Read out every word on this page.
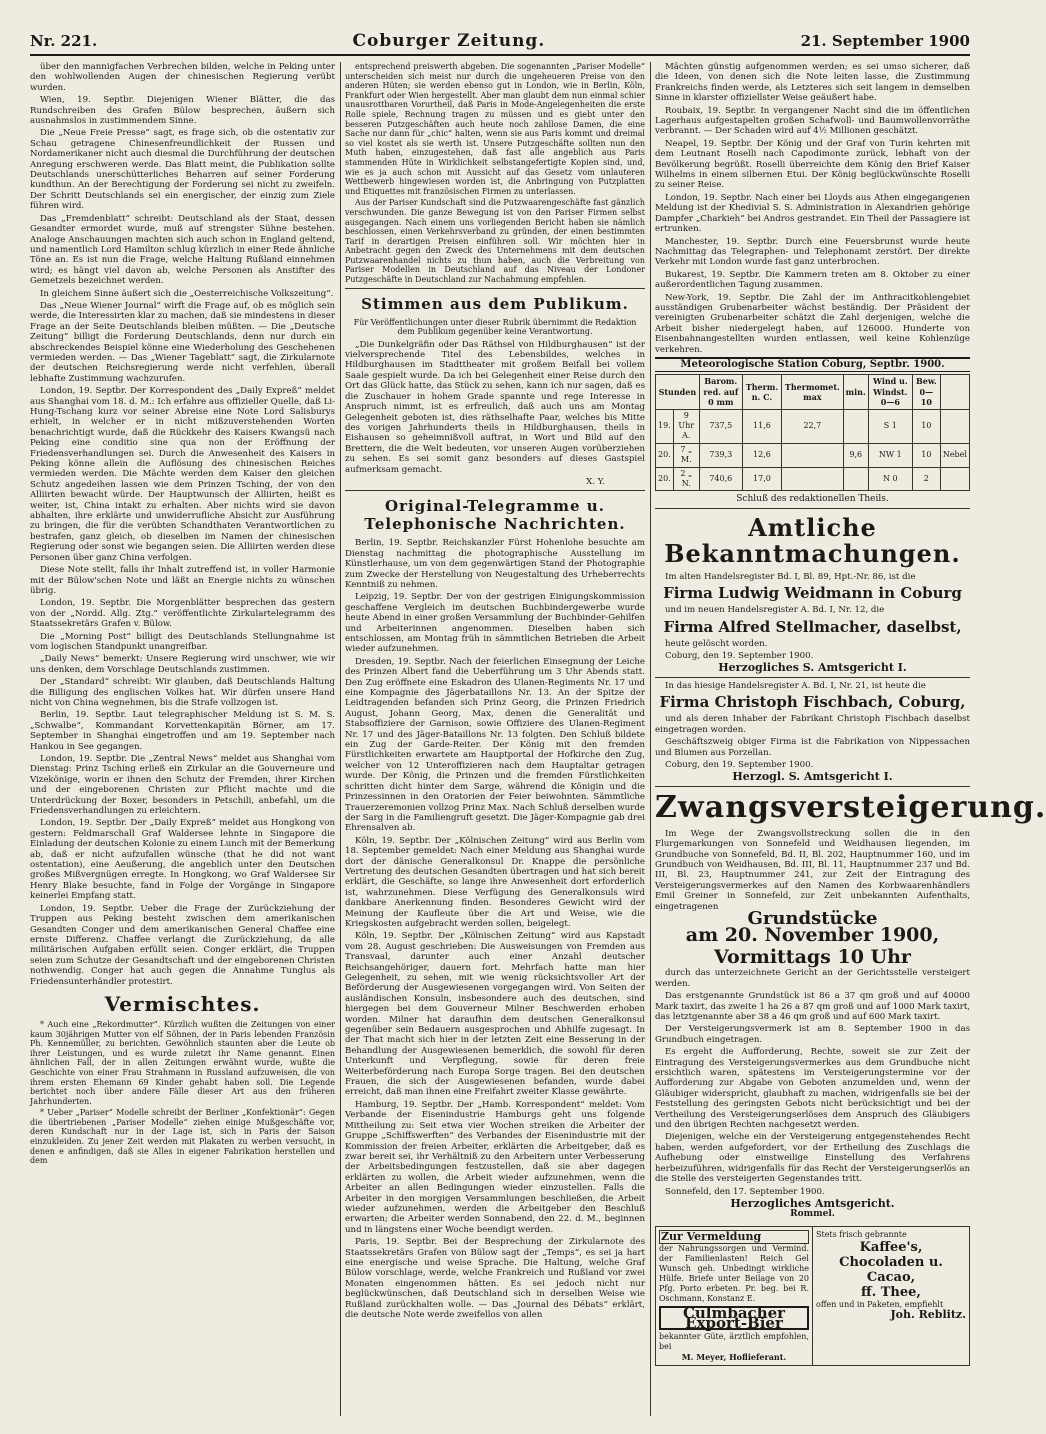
Nr. 221.	Coburger Zeitung.	21. September 1900

über den mannigfachen Verbrechen bilden, welche in Peking unter den wohlwollenden Augen der chinesischen Regierung verübt wurden.

Wien, 19. Septbr. Diejenigen Wiener Blätter, die das Rundschreiben des Grafen Bülow besprechen, äußern sich ausnahmslos in zustimmendem Sinne.

Die „Neue Freie Presse“ sagt, es frage sich, ob die ostentativ zur Schau getragene Chinesenfreundlichkeit der Russen und Nordamerikaner nicht auch diesmal die Durchführung der deutschen Anregung erschweren werde. Das Blatt meint, die Publikation sollte Deutschlands unerschütterliches Beharren auf seiner Forderung kundthun. An der Berechtigung der Forderung sei nicht zu zweifeln. Der Schritt Deutschlands sei ein energischer, der einzig zum Ziele führen wird.

Das „Fremdenblatt“ schreibt: Deutschland als der Staat, dessen Gesandter ermordet wurde, muß auf strengster Sühne bestehen. Analoge Anschauungen machten sich auch schon in England geltend, und namentlich Lord Hamilton schlug kürzlich in einer Rede ähnliche Töne an. Es ist nun die Frage, welche Haltung Rußland einnehmen wird; es hängt viel davon ab, welche Personen als Anstifter des Gemetzels bezeichnet werden.

In gleichem Sinne äußert sich die „Oesterreichische Volkszeitung“.

Das „Neue Wiener Journal“ wirft die Frage auf, ob es möglich sein werde, die Interessirten klar zu machen, daß sie mindestens in dieser Frage an der Seite Deutschlands bleiben müßten. — Die „Deutsche Zeitung“ billigt die Forderung Deutschlands, denn nur durch ein abschreckendes Beispiel könne eine Wiederholung des Geschehenen vermieden werden. — Das „Wiener Tageblatt“ sagt, die Zirkularnote der deutschen Reichsregierung werde nicht verfehlen, überall lebhafte Zustimmung wachzurufen.

London, 19. Septbr. Der Korrespondent des „Daily Expreß“ meldet aus Shanghai vom 18. d. M.: Ich erfahre aus offizieller Quelle, daß Li-Hung-Tschang kurz vor seiner Abreise eine Note Lord Salisburys erhielt, in welcher er in nicht mißzuverstehenden Worten benachrichtigt wurde, daß die Rückkehr des Kaisers Kwangsü nach Peking eine conditio sine qua non der Eröffnung der Friedensverhandlungen sei. Durch die Anwesenheit des Kaisers in Peking könne allein die Auflösung des chinesischen Reiches vermieden werden. Die Mächte werden dem Kaiser den gleichen Schutz angedeihen lassen wie dem Prinzen Tsching, der von den Alliirten bewacht würde. Der Hauptwunsch der Alliirten, heißt es weiter, ist, China intakt zu erhalten. Aber nichts wird sie davon abhalten, ihre erklärte und unwiderrufliche Absicht zur Ausführung zu bringen, die für die verübten Schandthaten Verantwortlichen zu bestrafen, ganz gleich, ob dieselben im Namen der chinesischen Regierung oder sonst wie begangen seien. Die Alliirten werden diese Personen über ganz China verfolgen.

Diese Note stellt, falls ihr Inhalt zutreffend ist, in voller Harmonie mit der Bülow'schen Note und läßt an Energie nichts zu wünschen übrig.

London, 19. Septbr. Die Morgenblätter besprechen das gestern von der „Nordd. Allg. Ztg.“ veröffentlichte Zirkulartelegramm des Staatssekretärs Grafen v. Bülow.

Die „Morning Post“ billigt des Deutschlands Stellungnahme ist vom logischen Standpunkt unangreifbar.

„Daily News“ bemerkt: Unsere Regierung wird unschwer, wie wir uns denken, dem Vorschlage Deutschlands zustimmen.

Der „Standard“ schreibt: Wir glauben, daß Deutschlands Haltung die Billigung des englischen Volkes hat. Wir dürfen unsere Hand nicht von China wegnehmen, bis die Strafe vollzogen ist.

Berlin, 19. Septbr. Laut telegraphischer Meldung ist S. M. S. „Schwalbe“, Kommandant Korvettenkapitän Börner, am 17. September in Shanghai eingetroffen und am 19. September nach Hankou in See gegangen.

London, 19. Septbr. Die „Zentral News“ meldet aus Shanghai vom Dienstag: Prinz Tsching erließ ein Zirkular an die Gouverneure und Vizekönige, worin er ihnen den Schutz der Fremden, ihrer Kirchen und der eingeborenen Christen zur Pflicht machte und die Unterdrückung der Boxer, besonders in Petschili, anbefahl, um die Friedensverhandlungen zu erleichtern.

London, 19. Septbr. Der „Daily Expreß“ meldet aus Hongkong von gestern: Feldmarschall Graf Waldersee lehnte in Singapore die Einladung der deutschen Kolonie zu einem Lunch mit der Bemerkung ab, daß er nicht aufzufallen wünsche (that he did not want ostentation), eine Aeußerung, die angeblich unter den Deutschen großes Mißvergnügen erregte. In Hongkong, wo Graf Waldersee Sir Henry Blake besuchte, fand in Folge der Vorgänge in Singapore keinerlei Empfang statt.

London, 19. Septbr. Ueber die Frage der Zurückziehung der Truppen aus Peking besteht zwischen dem amerikanischen Gesandten Conger und dem amerikanischen General Chaffee eine ernste Differenz. Chaffee verlangt die Zurückziehung, da alle militärischen Aufgaben erfüllt seien. Conger erklärt, die Truppen seien zum Schutze der Gesandtschaft und der eingeborenen Christen nothwendig. Conger hat auch gegen die Annahme Tunglus als Friedensunterhändler protestirt.

Vermischtes.

* Auch eine „Rekordmutter“. Kürzlich wußten die Zeitungen von einer kaum 30jährigen Mutter von elf Söhnen, der in Paris lebenden Französin Ph. Kennemüller, zu berichten. Gewöhnlich staunten aber die Leute ob ihrer Leistungen, und es wurde zuletzt ihr Name genannt. Einen ähnlichen Fall, der in allen Zeitungen erwähnt wurde, wußte die Geschichte von einer Frau Strahmann in Russland aufzuweisen, die von ihrem ersten Ehemann 69 Kinder gehabt haben soll. Die Legende berichtet noch über andere Fälle dieser Art aus den früheren Jahrhunderten.

* Ueber „Pariser“ Modelle schreibt der Berliner „Konfektionär“: Gegen die übertriebenen „Pariser Modelle“ ziehen einige Mußgeschäfte vor, deren Kundschaft nur in der Lage ist, sich in Paris der Saison einzukleiden. Zu jener Zeit werden mit Plakaten zu werben versucht, in denen e anfindigen, daß sie Alles in eigener Fabrikation herstellen und dem

entsprechend preiswerth abgeben. Die sogenannten „Pariser Modelle“ unterscheiden sich meist nur durch die ungeheueren Preise von den anderen Hüten; sie werden ebenso gut in London, wie in Berlin, Köln, Frankfurt oder Wien hergestellt. Aber man glaubt dem nun einmal schier unausrottbaren Vorurtheil, daß Paris in Mode-Angelegenheiten die erste Rolle spiele, Rechnung tragen zu müssen und es giebt unter den besseren Putzgeschäften auch heute noch zahllose Damen, die eine Sache nur dann für „chic“ halten, wenn sie aus Paris kommt und dreimal so viel kostet als sie werth ist. Unsere Putzgeschäfte sollten nun den Muth haben, einzugestehen, daß fast alle angeblich aus Paris stammenden Hüte in Wirklichkeit selbstangefertigte Kopien sind, und, wie es ja auch schon mit Aussicht auf das Gesetz vom unlauteren Wettbewerb hingewiesen worden ist, die Anbringung von Putzplatten und Etiquettes mit französischen Firmen zu unterlassen.

Aus der Pariser Kundschaft sind die Putzwaarengeschäfte fast gänzlich verschwunden. Die ganze Bewegung ist von den Pariser Firmen selbst ausgegangen. Nach einem uns vorliegenden Bericht haben sie nämlich beschlossen, einen Verkehrsverband zu gründen, der einen bestimmten Tarif in derartigen Preisen einführen soll. Wir möchten hier in Anbetracht gegen den Zweck des Unternehmens mit dem deutschen Putzwaarenhandel nichts zu thun haben, auch die Verbreitung von Pariser Modellen in Deutschland auf das Niveau der Londoner Putzgeschäfte in Deutschland zur Nachahmung empfehlen.

Stimmen aus dem Publikum.
Für Veröffentlichungen unter dieser Rubrik übernimmt die Redaktion dem Publikum gegenüber keine Verantwortung.

„Die Dunkelgräfin oder Das Räthsel von Hildburghausen“ ist der vielversprechende Titel des Lebensbildes, welches in Hildburghausen im Stadttheater mit großem Beifall bei vollem Saale gespielt wurde. Da ich bei Gelegenheit einer Reise durch den Ort das Glück hatte, das Stück zu sehen, kann ich nur sagen, daß es die Zuschauer in hohem Grade spannte und rege Interesse in Anspruch nimmt, ist es erfreulich, daß auch uns am Montag Gelegenheit geboten ist, dies räthselhafte Paar, welches bis Mitte des vorigen Jahrhunderts theils in Hildburghausen, theils in Eishausen so geheimnißvoll auftrat, in Wort und Bild auf den Brettern, die die Welt bedeuten, vor unseren Augen vorüberziehen zu sehen. Es sei somit ganz besonders auf dieses Gastspiel aufmerksam gemacht.

X. Y.
Original-Telegramme u. Telephonische Nachrichten.

Berlin, 19. Septbr. Reichskanzler Fürst Hohenlohe besuchte am Dienstag nachmittag die photographische Ausstellung im Künstlerhause, um von dem gegenwärtigen Stand der Photographie zum Zwecke der Herstellung von Neugestaltung des Urheberrechts Kenntniß zu nehmen.

Leipzig, 19. Septbr. Der von der gestrigen Einigungskommission geschaffene Vergleich im deutschen Buchbindergewerbe wurde heute Abend in einer großen Versammlung der Buchbinder-Gehilfen und Arbeiterinnen angenommen. Dieselben haben sich entschlossen, am Montag früh in sämmtlichen Betrieben die Arbeit wieder aufzunehmen.

Dresden, 19. Septbr. Nach der feierlichen Einsegnung der Leiche des Prinzen Albert fand die Ueberführung um 3 Uhr Abends statt. Den Zug eröffnete eine Eskadron des Ulanen-Regiments Nr. 17 und eine Kompagnie des Jägerbataillons Nr. 13. An der Spitze der Leidtragenden befanden sich Prinz Georg, die Prinzen Friedrich August, Johann Georg, Max, denen die Generalität und Stabsoffiziere der Garnison, sowie Offiziere des Ulanen-Regiment Nr. 17 und des Jäger-Bataillons Nr. 13 folgten. Den Schluß bildete ein Zug der Garde-Reiter. Der König mit den fremden Fürstlichkeiten erwartete am Hauptportal der Hofkirche den Zug, welcher von 12 Unteroffizieren nach dem Hauptaltar getragen wurde. Der König, die Prinzen und die fremden Fürstlichkeiten schritten dicht hinter dem Sarge, während die Königin und die Prinzessinnen in den Oratorien der Feier beiwohnten. Sämmtliche Trauerzeremonien vollzog Prinz Max. Nach Schluß derselben wurde der Sarg in die Familiengruft gesetzt. Die Jäger-Kompagnie gab drei Ehrensalven ab.

Köln, 19. Septbr. Der „Kölnischen Zeitung“ wird aus Berlin vom 18. September gemeldet: Nach einer Meldung aus Shanghai wurde dort der dänische Generalkonsul Dr. Knappe die persönliche Vertretung des deutschen Gesandten übertragen und hat sich bereit erklärt, die Geschäfte, so lange ihre Anwesenheit dort erforderlich ist, wahrzunehmen. Diese Verfügung des Generalkonsuls wird dankbare Anerkennung finden. Besonderes Gewicht wird der Meinung der Kaufleute über die Art und Weise, wie die Kriegskosten aufgebracht werden sollen, beigelegt.

Köln, 19. Septbr. Der „Kölnischen Zeitung“ wird aus Kapstadt vom 28. August geschrieben: Die Ausweisungen von Fremden aus Transvaal, darunter auch einer Anzahl deutscher Reichsangehöriger, dauern fort. Mehrfach hatte man hier Gelegenheit, zu sehen, mit wie wenig rücksichtsvoller Art der Beförderung der Ausgewiesenen vorgegangen wird. Von Seiten der ausländischen Konsuln, insbesondere auch des deutschen, sind hiergegen bei dem Gouverneur Milner Beschwerden erhoben worden. Milner hat daraufhin dem deutschen Generalkonsul gegenüber sein Bedauern ausgesprochen und Abhilfe zugesagt. In der That macht sich hier in der letzten Zeit eine Besserung in der Behandlung der Ausgewiesenen bemerklich, die sowohl für deren Unterkunft und Verpflegung, sowie für deren freie Weiterbeförderung nach Europa Sorge tragen. Bei den deutschen Frauen, die sich der Ausgewiesenen befanden, wurde dabei erreicht, daß man ihnen eine Freifahrt zweiter Klasse gewährte.

Hamburg, 19. Septbr. Der „Hamb. Korrespondent“ meldet: Vom Verbande der Eisenindustrie Hamburgs geht uns folgende Mittheilung zu: Seit etwa vier Wochen streiken die Arbeiter der Gruppe „Schiffswerften“ des Verbandes der Eisenindustrie mit der Kommission der freien Arbeiter, erklärten die Arbeitgeber, daß es zwar bereit sei, ihr Verhältniß zu den Arbeitern unter Verbesserung der Arbeitsbedingungen festzustellen, daß sie aber dagegen erklärten zu wollen, die Arbeit wieder aufzunehmen, wenn die Arbeiter an allen Bedingungen wieder einzustellen. Falls die Arbeiter in den morgigen Versammlungen beschließen, die Arbeit wieder aufzunehmen, werden die Arbeitgeber den Beschluß erwarten; die Arbeiter werden Sonnabend, den 22. d. M., beginnen und in längstens einer Woche beendigt werden.

Paris, 19. Septbr. Bei der Besprechung der Zirkularnote des Staatssekretärs Grafen von Bülow sagt der „Temps“, es sei ja hart eine energische und weise Sprache. Die Haltung, welche Graf Bülow vorschlage, werde, welche Frankreich und Rußland vor zwei Monaten eingenommen hätten. Es sei jedoch nicht nur beglückwünschen, daß Deutschland sich in derselben Weise wie Rußland zurückhalten wolle. — Das „Journal des Débats“ erklärt, die deutsche Note werde zweifellos von allen

Mächten günstig aufgenommen werden; es sei umso sicherer, daß die Ideen, von denen sich die Note leiten lasse, die Zustimmung Frankreichs finden werde, als Letzteres sich seit langem in demselben Sinne in klarster offiziellster Weise geäußert habe.

Roubaix, 19. Septbr. In vergangener Nacht sind die im öffentlichen Lagerhaus aufgestapelten großen Schafwoll- und Baumwollenvorräthe verbrannt. — Der Schaden wird auf 4½ Millionen geschätzt.

Neapel, 19. Septbr. Der König und der Graf von Turin kehrten mit dem Leutnant Roselli nach Capodimonte zurück, lebhaft von der Bevölkerung begrüßt. Roselli überreichte dem König den Brief Kaiser Wilhelms in einem silbernen Etui. Der König beglückwünschte Roselli zu seiner Reise.

London, 19. Septbr. Nach einer bei Lloyds aus Athen eingegangenen Meldung ist der Khedivial S. S. Administration in Alexandrien gehörige Dampfer „Charkieh“ bei Andros gestrandet. Ein Theil der Passagiere ist ertrunken.

Manchester, 19. Septbr. Durch eine Feuersbrunst wurde heute Nachmittag das Telegraphen- und Telephonamt zerstört. Der direkte Verkehr mit London wurde fast ganz unterbrochen.

Bukarest, 19. Septbr. Die Kammern treten am 8. Oktober zu einer außerordentlichen Tagung zusammen.

New-York, 19. Septbr. Die Zahl der im Anthracitkohlengebiet ausständigen Grubenarbeiter wächst beständig. Der Präsident der vereinigten Grubenarbeiter schätzt die Zahl derjenigen, welche die Arbeit bisher niedergelegt haben, auf 126000. Hunderte von Eisenbahnangestellten wurden entlassen, weil keine Kohlenzüge verkehren.

Meteorologische Station Coburg, Septbr. 1900.
Stunden		Barom. red. auf 0 mm	Therm. n. C.	Thermomet. max	min.	Wind u. Windst. 0—6	Bew. 0—10	
19.	9 Uhr A.	737,5	11,6	22,7		S 1	10	
20.	7 „ M.	739,3	12,6		9,6	NW 1	10	Nebel
20.	2 „ N.	740,6	17,0			N 0	2	
Schluß des redaktionellen Theils.
Amtliche Bekanntmachungen.

Im alten Handelsregister Bd. I, Bl. 89, Hpt.-Nr. 86, ist die

Firma Ludwig Weidmann in Coburg

und im neuen Handelsregister A. Bd. I, Nr. 12, die

Firma Alfred Stellmacher, daselbst,

heute gelöscht worden.

Coburg, den 19. September 1900.

Herzogliches S. Amtsgericht I.

In das hiesige Handelsregister A. Bd. I, Nr. 21, ist heute die

Firma Christoph Fischbach, Coburg,

und als deren Inhaber der Fabrikant Christoph Fischbach daselbst eingetragen worden.

Geschäftszweig obiger Firma ist die Fabrikation von Nippessachen und Blumen aus Porzellan.

Coburg, den 19. September 1900.

Herzogl. S. Amtsgericht I.
Zwangsversteigerung.

Im Wege der Zwangsvollstreckung sollen die in den Flurgemarkungen von Sonnefeld und Weidhausen liegenden, im Grundbuche von Sonnefeld, Bd. II, Bl. 202, Hauptnummer 160, und im Grundbuch von Weidhausen, Bd. III, Bl. 11, Hauptnummer 237 und Bd. III, Bl. 23, Hauptnummer 241, zur Zeit der Eintragung des Versteigerungsvermerkes auf den Namen des Korbwaarenhändlers Emil Greiner in Sonnefeld, zur Zeit unbekannten Aufenthalts, eingetragenen

Grundstücke
am 20. November 1900, Vormittags 10 Uhr

durch das unterzeichnete Gericht an der Gerichtsstelle versteigert werden.

Das erstgenannte Grundstück ist 86 a 37 qm groß und auf 40000 Mark taxirt, das zweite 1 ha 26 a 87 qm groß und auf 1000 Mark taxirt, das letztgenannte aber 38 a 46 qm groß und auf 600 Mark taxirt.

Der Versteigerungsvermerk ist am 8. September 1900 in das Grundbuch eingetragen.

Es ergeht die Aufforderung, Rechte, soweit sie zur Zeit der Eintragung des Versteigerungsvermerkes aus dem Grundbuche nicht ersichtlich waren, spätestens im Versteigerungstermine vor der Aufforderung zur Abgabe von Geboten anzumelden und, wenn der Gläubiger widerspricht, glaubhaft zu machen, widrigenfalls sie bei der Feststellung des geringsten Gebots nicht berücksichtigt und bei der Vertheilung des Versteigerungserlöses dem Anspruch des Gläubigers und den übrigen Rechten nachgesetzt werden.

Diejenigen, welche ein der Versteigerung entgegenstehendes Recht haben, werden aufgefordert, vor der Ertheilung des Zuschlags die Aufhebung oder einstweilige Einstellung des Verfahrens herbeizuführen, widrigenfalls für das Recht der Versteigerungserlös an die Stelle des versteigerten Gegenstandes tritt.

Sonnefeld, den 17. September 1900.

Herzogliches Amtsgericht.
Rommel.
Zur Vermeldung
der Nahrungssorgen und Vermind. der Familienlasten! Reich Gel Wunsch geh. Unbedingt wirkliche Hülfe. Briefe unter Beilage von 20 Pfg. Porto erbeten. Pr. beg. bei R. Oschmann, Konstanz E.
Culmbacher Export-Bier
bekannter Güte, ärztlich empfohlen, bei
M. Meyer, Hoflieferant.
Stets frisch gebrannte
Kaffee's,
Chocoladen u.
Cacao,
ff. Thee,
offen und in Paketen, empfiehlt
Joh. Reblitz.
